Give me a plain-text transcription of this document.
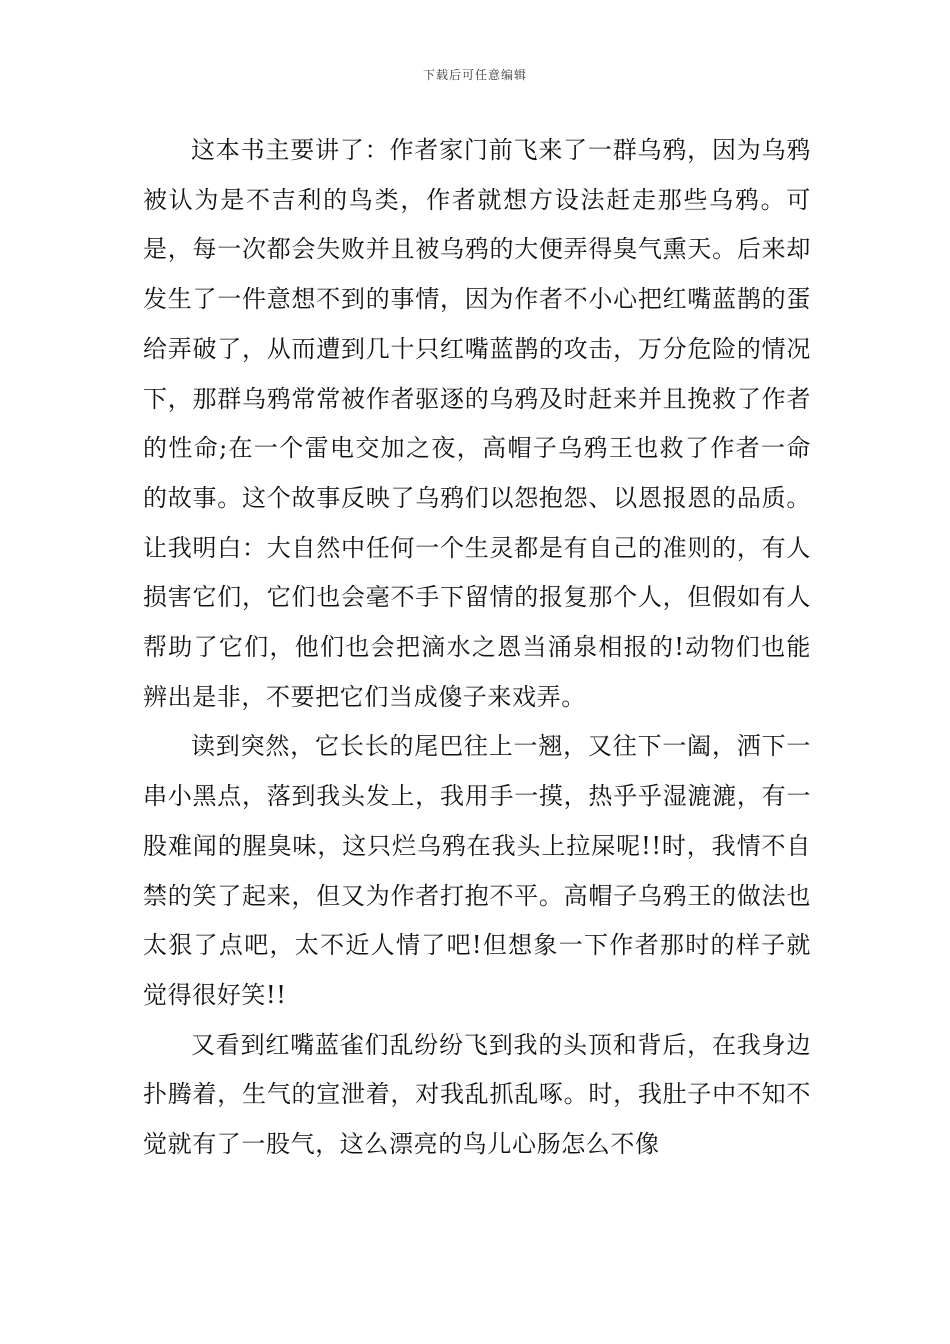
下载后可任意编辑

这本书主要讲了：作者家门前飞来了一群乌鸦，因为乌鸦被认为是不吉利的鸟类，作者就想方设法赶走那些乌鸦。可是，每一次都会失败并且被乌鸦的大便弄得臭气熏天。后来却发生了一件意想不到的事情，因为作者不小心把红嘴蓝鹊的蛋给弄破了，从而遭到几十只红嘴蓝鹊的攻击，万分危险的情况下，那群乌鸦常常被作者驱逐的乌鸦及时赶来并且挽救了作者的性命;在一个雷电交加之夜，高帽子乌鸦王也救了作者一命的故事。这个故事反映了乌鸦们以怨抱怨、以恩报恩的品质。让我明白：大自然中任何一个生灵都是有自己的准则的，有人损害它们，它们也会毫不手下留情的报复那个人，但假如有人帮助了它们，他们也会把滴水之恩当涌泉相报的!动物们也能辨出是非，不要把它们当成傻子来戏弄。

读到突然，它长长的尾巴往上一翘，又往下一阖，洒下一串小黑点，落到我头发上，我用手一摸，热乎乎湿漉漉，有一股难闻的腥臭味，这只烂乌鸦在我头上拉屎呢!!时，我情不自禁的笑了起来，但又为作者打抱不平。高帽子乌鸦王的做法也太狠了点吧，太不近人情了吧!但想象一下作者那时的样子就觉得很好笑!!

又看到红嘴蓝雀们乱纷纷飞到我的头顶和背后，在我身边扑腾着，生气的宣泄着，对我乱抓乱啄。时，我肚子中不知不觉就有了一股气，这么漂亮的鸟儿心肠怎么不像
